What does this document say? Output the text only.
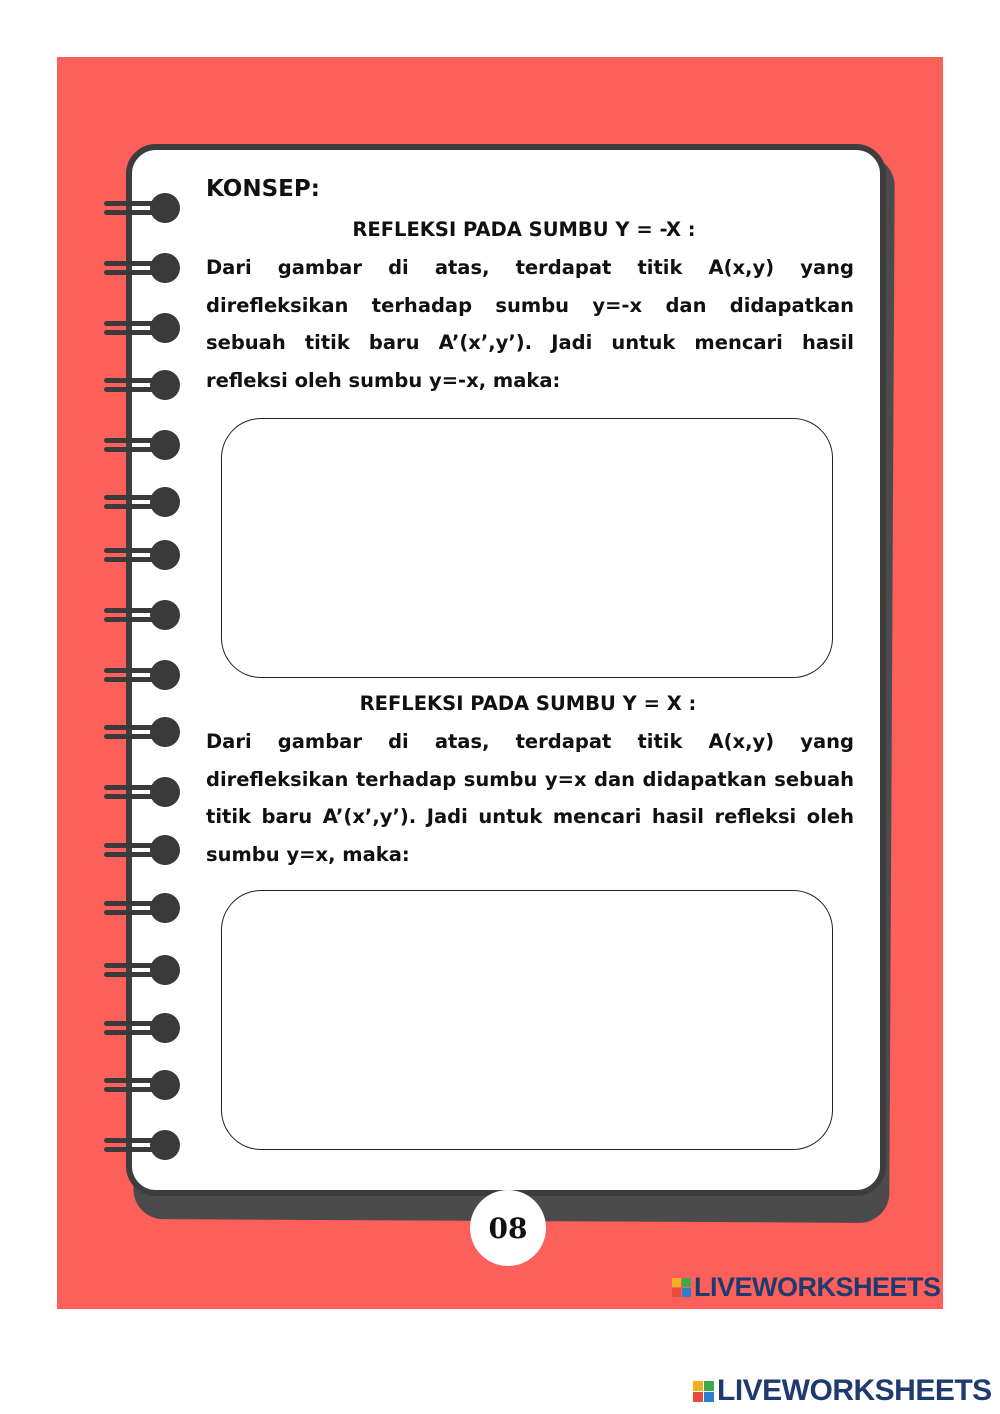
KONSEP:
REFLEKSI PADA SUMBU Y = -X :
Dari gambar di atas, terdapat titik A(x,y) yang direfleksikan terhadap sumbu y=-x dan didapatkan sebuah titik baru A’(x’,y’). Jadi untuk mencari hasil refleksi oleh sumbu y=-x, maka:
REFLEKSI PADA SUMBU Y = X :
Dari gambar di atas, terdapat titik A(x,y) yang direfleksikan terhadap sumbu y=x dan didapatkan sebuah titik baru A’(x’,y’). Jadi untuk mencari hasil refleksi oleh sumbu y=x, maka:
08
LIVEWORKSHEETS
LIVEWORKSHEETS
